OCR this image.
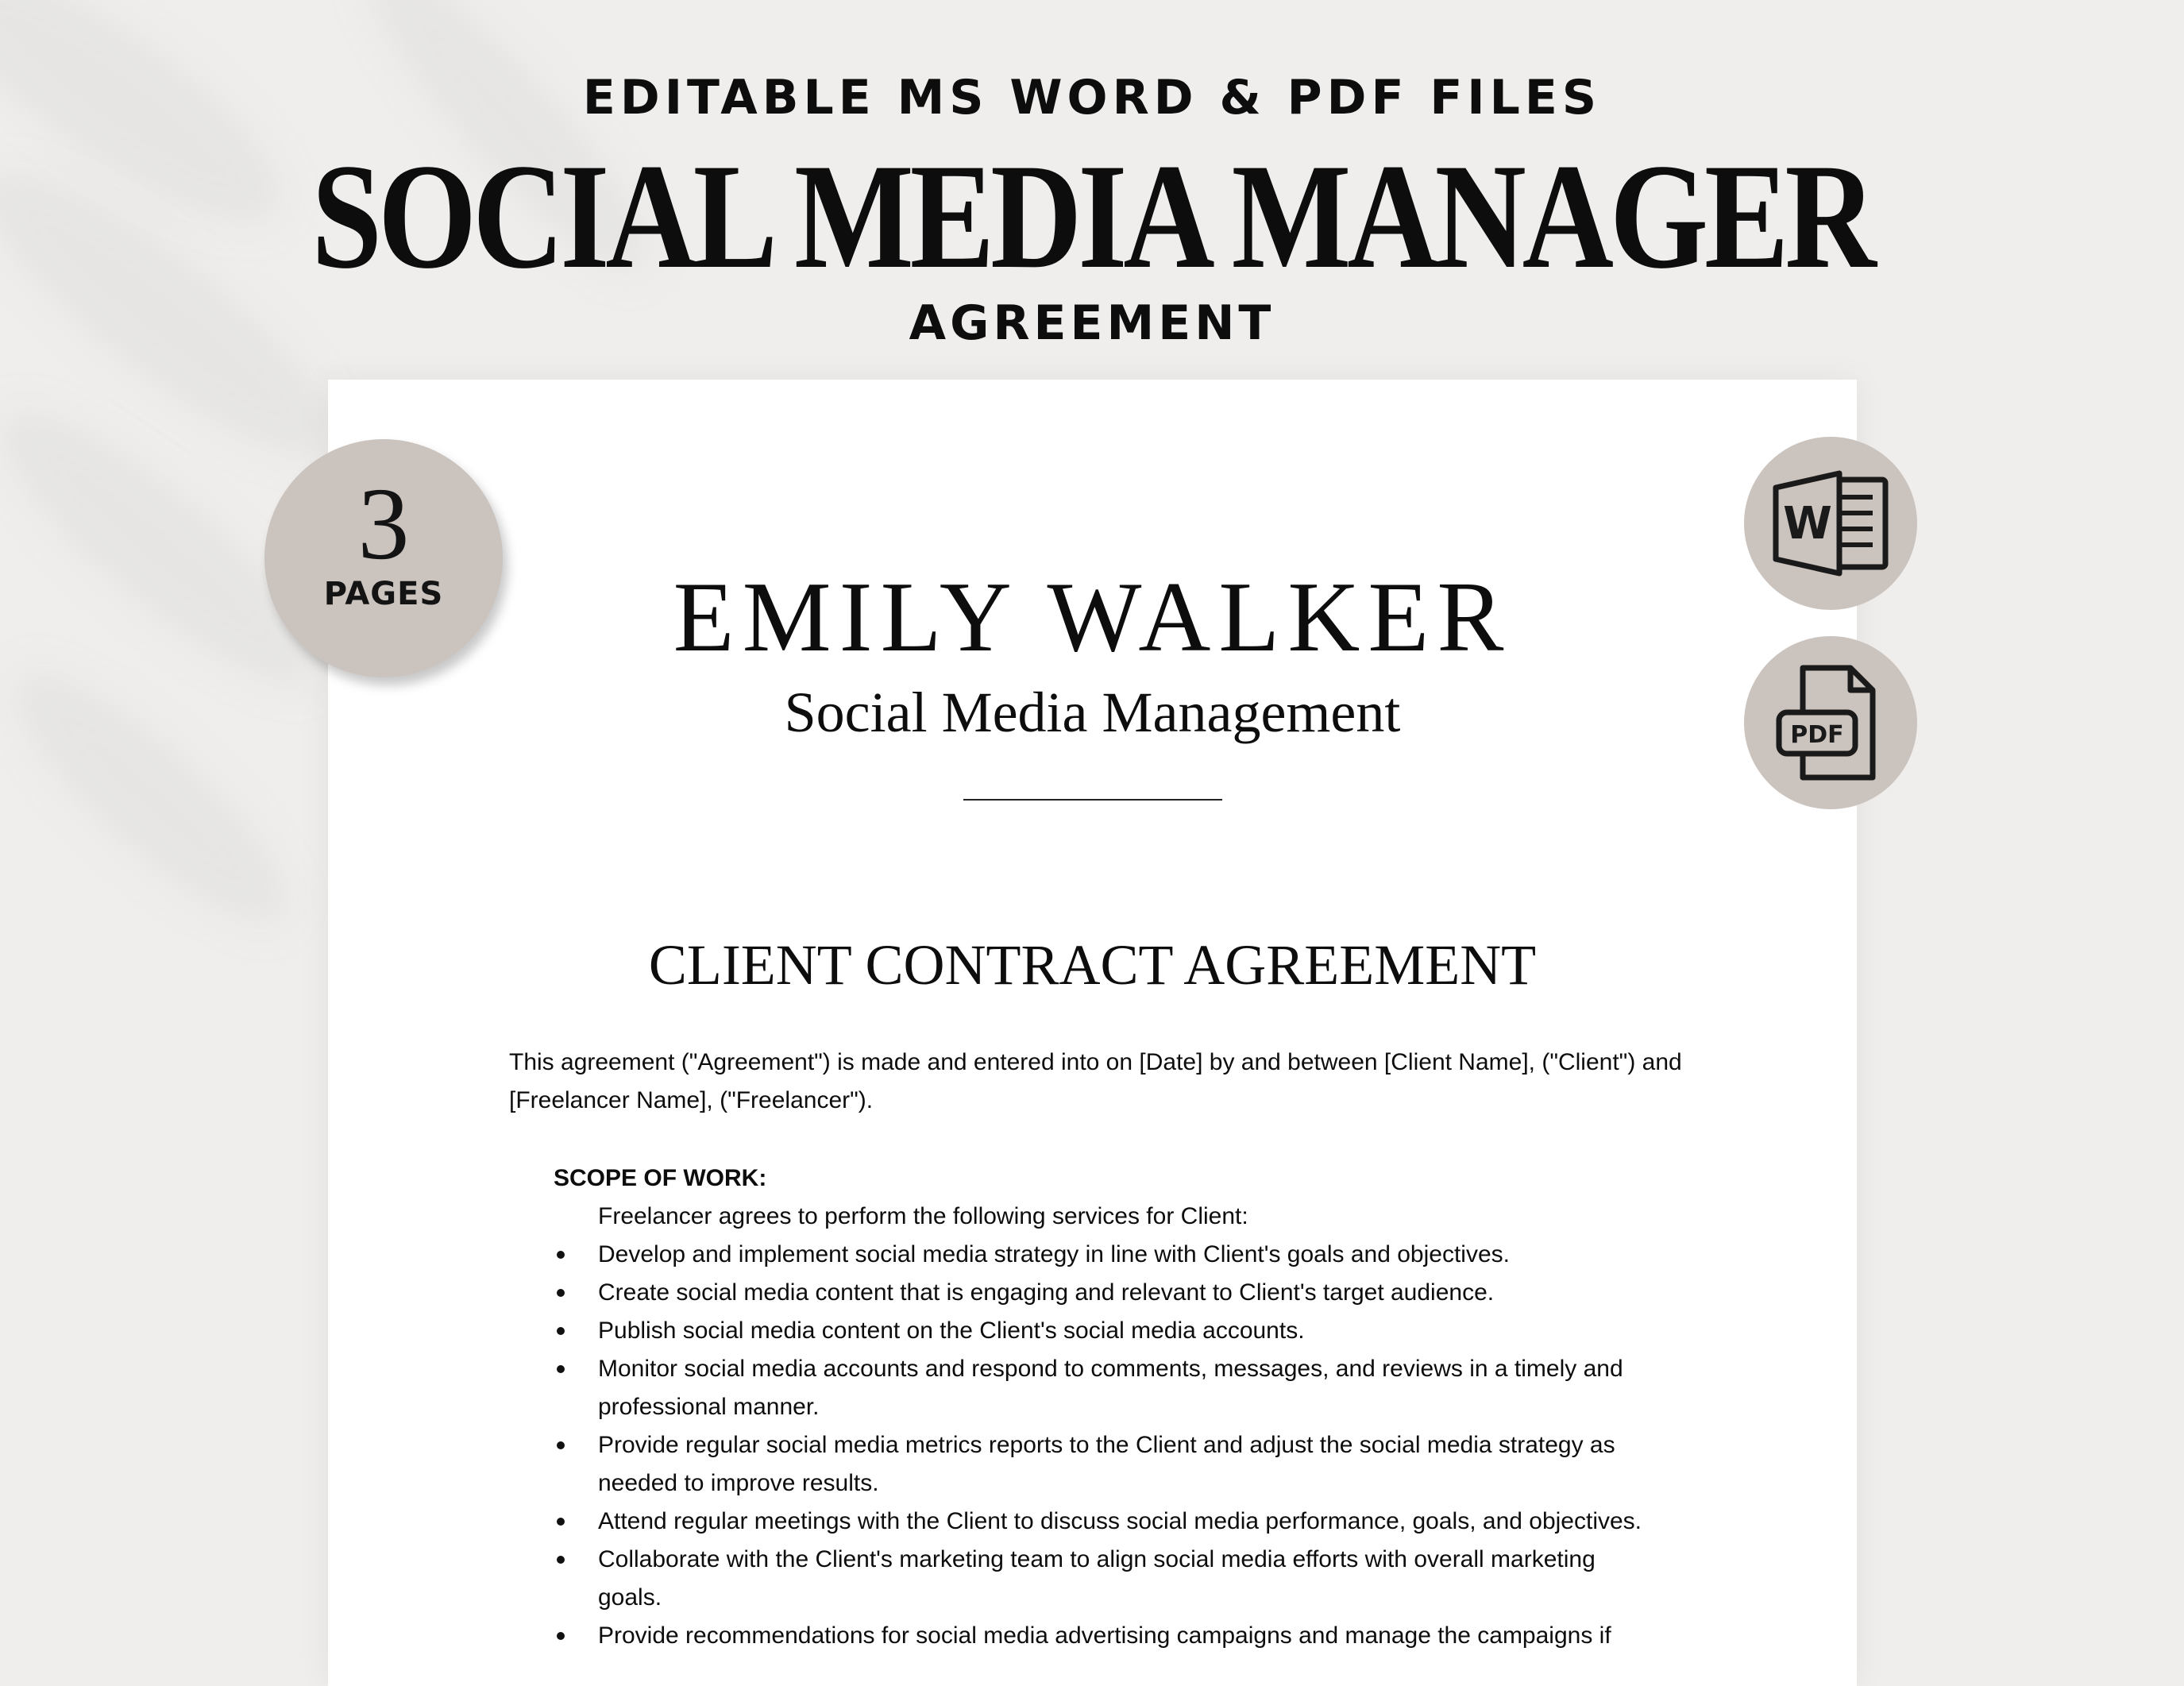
EDITABLE MS WORD & PDF FILES
SOCIAL MEDIA MANAGER
AGREEMENT
EMILY WALKER
Social Media Management
CLIENT CONTRACT AGREEMENT

This agreement ("Agreement") is made and entered into on [Date] by and between [Client Name], ("Client") and [Freelancer Name], ("Freelancer").

SCOPE OF WORK:
Freelancer agrees to perform the following services for Client:
Develop and implement social media strategy in line with Client's goals and objectives.
Create social media content that is engaging and relevant to Client's target audience.
Publish social media content on the Client's social media accounts.
Monitor social media accounts and respond to comments, messages, and reviews in a timely and professional manner.
Provide regular social media metrics reports to the Client and adjust the social media strategy as needed to improve results.
Attend regular meetings with the Client to discuss social media performance, goals, and objectives.
Collaborate with the Client's marketing team to align social media efforts with overall marketing goals.
Provide recommendations for social media advertising campaigns and manage the campaigns if
3
PAGES
W
PDF
